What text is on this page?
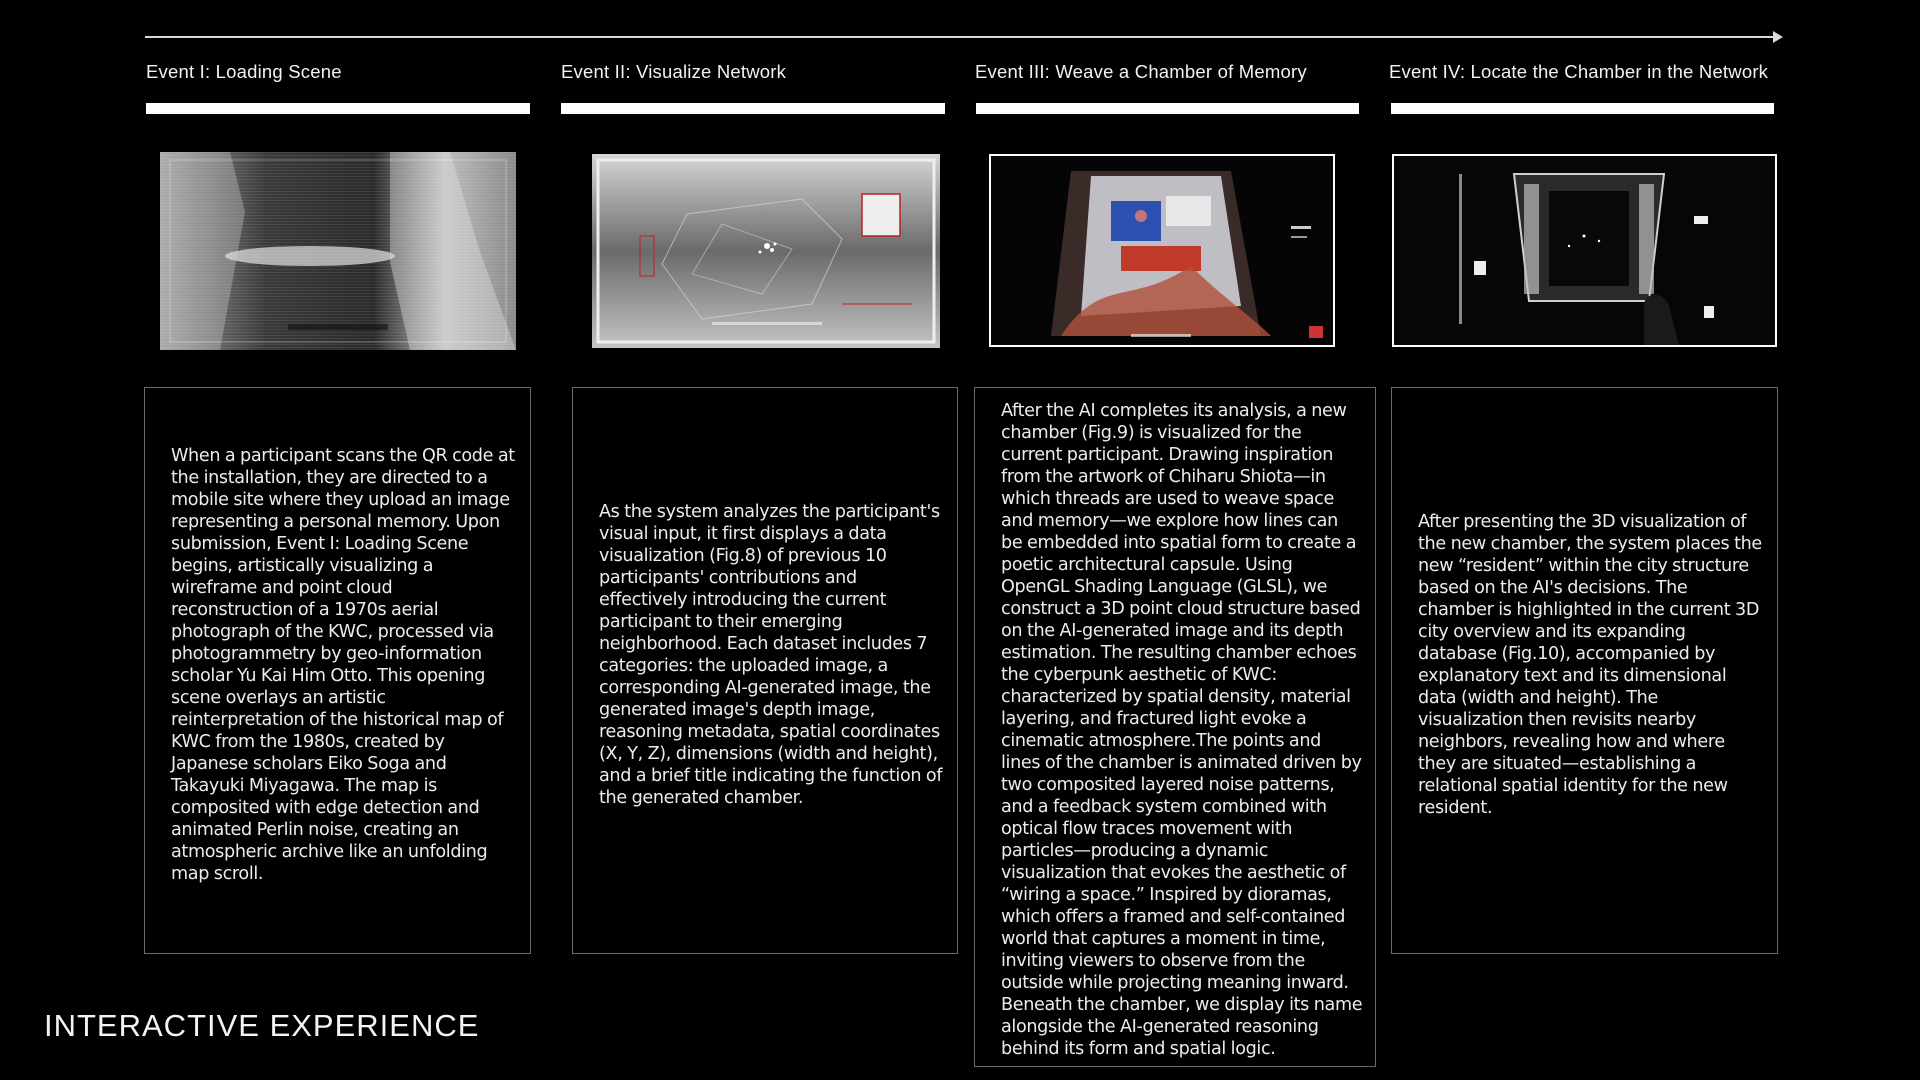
Event I: Loading Scene	Event II: Visualize Network	Event III: Weave a Chamber of Memory	Event IV: Locate the Chamber in the Network

When a participant scans the QR code at the installation, they are directed to a mobile site where they upload an image representing a personal memory. Upon submission, Event I: Loading Scene begins, artistically visualizing a wireframe and point cloud reconstruction of a 1970s aerial photograph of the KWC, processed via photogrammetry by geo-information scholar Yu Kai Him Otto. This opening scene overlays an artistic reinterpretation of the historical map of KWC from the 1980s, created by Japanese scholars Eiko Soga and Takayuki Miyagawa. The map is composited with edge detection and animated Perlin noise, creating an atmospheric archive like an unfolding map scroll.

As the system analyzes the participant's visual input, it first displays a data visualization (Fig.8) of previous 10 participants' contributions and effectively introducing the current participant to their emerging neighborhood. Each dataset includes 7 categories: the uploaded image, a corresponding AI-generated image, the generated image's depth image, reasoning metadata, spatial coordinates (X, Y, Z), dimensions (width and height), and a brief title indicating the function of the generated chamber.

After the AI completes its analysis, a new chamber (Fig.9) is visualized for the current participant. Drawing inspiration from the artwork of Chiharu Shiota—in which threads are used to weave space and memory—we explore how lines can be embedded into spatial form to create a poetic architectural capsule. Using OpenGL Shading Language (GLSL), we construct a 3D point cloud structure based on the AI-generated image and its depth estimation. The resulting chamber echoes the cyberpunk aesthetic of KWC: characterized by spatial density, material layering, and fractured light evoke a cinematic atmosphere.The points and lines of the chamber is animated driven by two composited layered noise patterns, and a feedback system combined with optical flow traces movement with particles—producing a dynamic visualization that evokes the aesthetic of “wiring a space.” Inspired by dioramas, which offers a framed and self-contained world that captures a moment in time, inviting viewers to observe from the outside while projecting meaning inward. Beneath the chamber, we display its name alongside the AI-generated reasoning behind its form and spatial logic.

After presenting the 3D visualization of the new chamber, the system places the new “resident” within the city structure based on the AI's decisions. The chamber is highlighted in the current 3D city overview and its expanding database (Fig.10), accompanied by explanatory text and its dimensional data (width and height). The visualization then revisits nearby neighbors, revealing how and where they are situated—establishing a relational spatial identity for the new resident.

INTERACTIVE EXPERIENCE
